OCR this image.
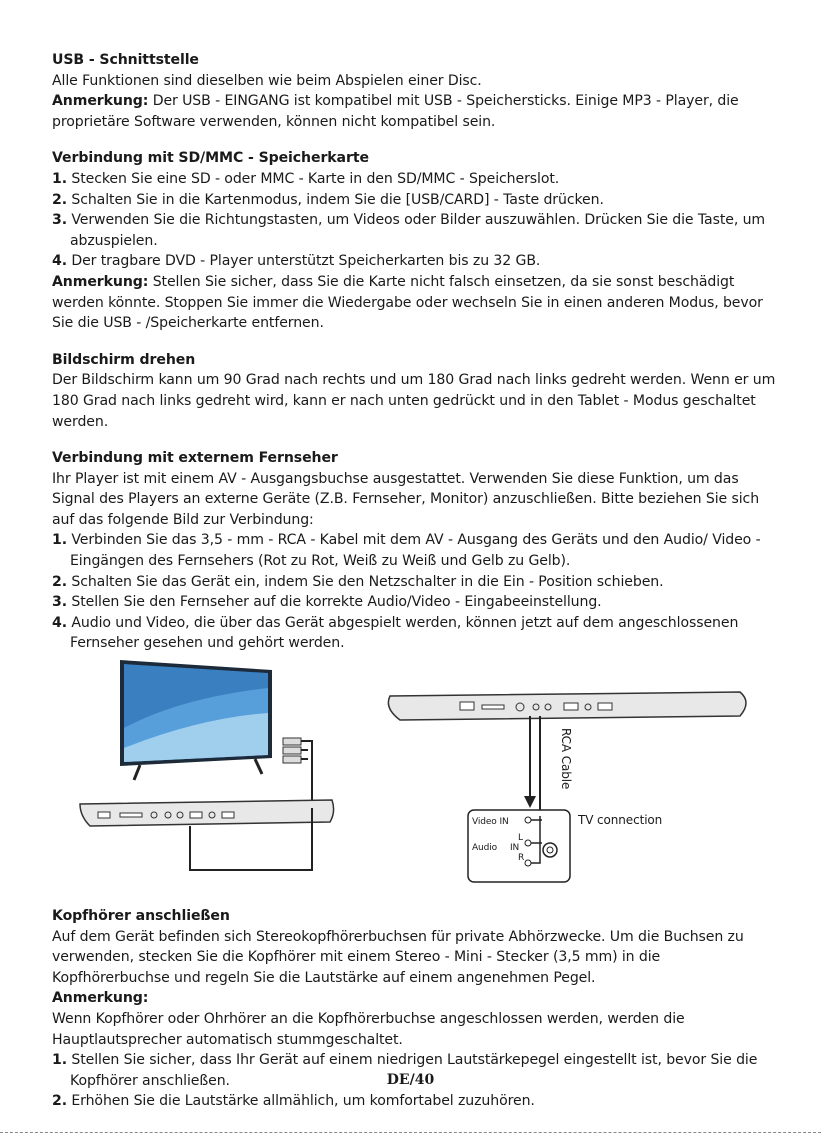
USB - Schnittstelle

Alle Funktionen sind dieselben wie beim Abspielen einer Disc.

Anmerkung: Der USB - EINGANG ist kompatibel mit USB - Speichersticks. Einige MP3 - Player, die proprietäre Software verwenden, können nicht kompatibel sein.

Verbindung mit SD/MMC - Speicherkarte

1. Stecken Sie eine SD - oder MMC - Karte in den SD/MMC - Speicherslot.

2. Schalten Sie in die Kartenmodus, indem Sie die [USB/CARD] - Taste drücken.

3. Verwenden Sie die Richtungstasten, um Videos oder Bilder auszuwählen. Drücken Sie die Taste, um abzuspielen.

4. Der tragbare DVD - Player unterstützt Speicherkarten bis zu 32 GB.

Anmerkung: Stellen Sie sicher, dass Sie die Karte nicht falsch einsetzen, da sie sonst beschädigt werden könnte. Stoppen Sie immer die Wiedergabe oder wechseln Sie in einen anderen Modus, bevor Sie die USB - /Speicherkarte entfernen.

Bildschirm drehen

Der Bildschirm kann um 90 Grad nach rechts und um 180 Grad nach links gedreht werden. Wenn er um 180 Grad nach links gedreht wird, kann er nach unten gedrückt und in den Tablet - Modus geschaltet werden.

Verbindung mit externem Fernseher

Ihr Player ist mit einem AV - Ausgangsbuchse ausgestattet. Verwenden Sie diese Funktion, um das Signal des Players an externe Geräte (Z.B. Fernseher, Monitor) anzuschließen. Bitte beziehen Sie sich auf das folgende Bild zur Verbindung:

1. Verbinden Sie das 3,5 - mm - RCA - Kabel mit dem AV - Ausgang des Geräts und den Audio/ Video - Eingängen des Fernsehers (Rot zu Rot, Weiß zu Weiß und Gelb zu Gelb).

2. Schalten Sie das Gerät ein, indem Sie den Netzschalter in die Ein - Position schieben.

3. Stellen Sie den Fernseher auf die korrekte Audio/Video - Eingabeeinstellung.

4. Audio und Video, die über das Gerät abgespielt werden, können jetzt auf dem angeschlossenen Fernseher gesehen und gehört werden.

RCA Cable
Video IN
L
Audio IN
R
TV connection

Kopfhörer anschließen

Auf dem Gerät befinden sich Stereokopfhörerbuchsen für private Abhörzwecke. Um die Buchsen zu verwenden, stecken Sie die Kopfhörer mit einem Stereo - Mini - Stecker (3,5 mm) in die Kopfhörerbuchse und regeln Sie die Lautstärke auf einem angenehmen Pegel.

Anmerkung:

Wenn Kopfhörer oder Ohrhörer an die Kopfhörerbuchse angeschlossen werden, werden die Hauptlautsprecher automatisch stummgeschaltet.

1. Stellen Sie sicher, dass Ihr Gerät auf einem niedrigen Lautstärkepegel eingestellt ist, bevor Sie die Kopfhörer anschließen.

2. Erhöhen Sie die Lautstärke allmählich, um komfortabel zuzuhören.

DE/40
